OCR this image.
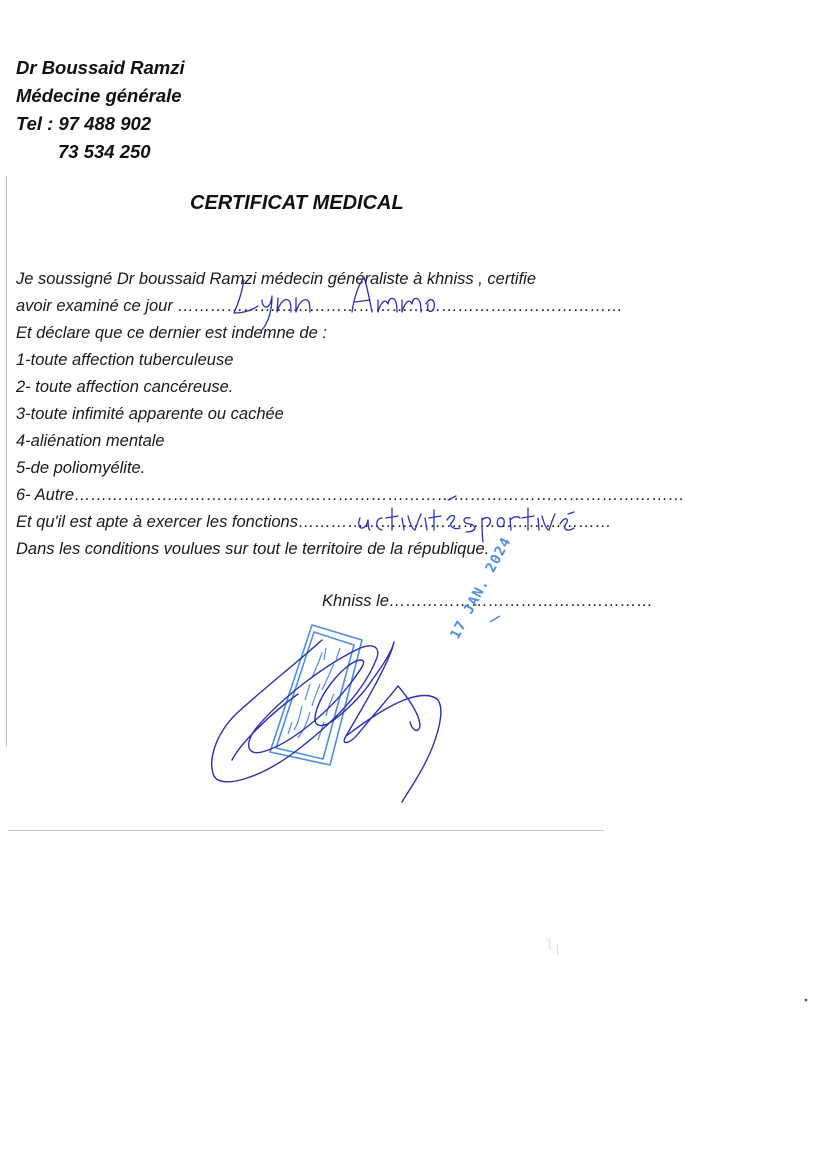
Dr Boussaid Ramzi
Médecine générale
Tel : 97 488 902
73 534 250
CERTIFICAT MEDICAL
Je soussigné Dr boussaid Ramzi médecin généraliste à khniss , certifie
avoir examiné ce jour ………………………………………………………………………
Et déclare que ce dernier est indemne de :
1-toute affection tuberculeuse
2- toute affection cancéreuse.
3-toute infimité apparente ou cachée
4-aliénation mentale
5-de poliomyélite.
6- Autre…………………………………………………………………………………………………
Et qu'il est apte à exercer les fonctions…………………………………………………
Dans les conditions voulues sur tout le territoire de la république.
Khniss le…………………………………………
17 JAN. 2024
